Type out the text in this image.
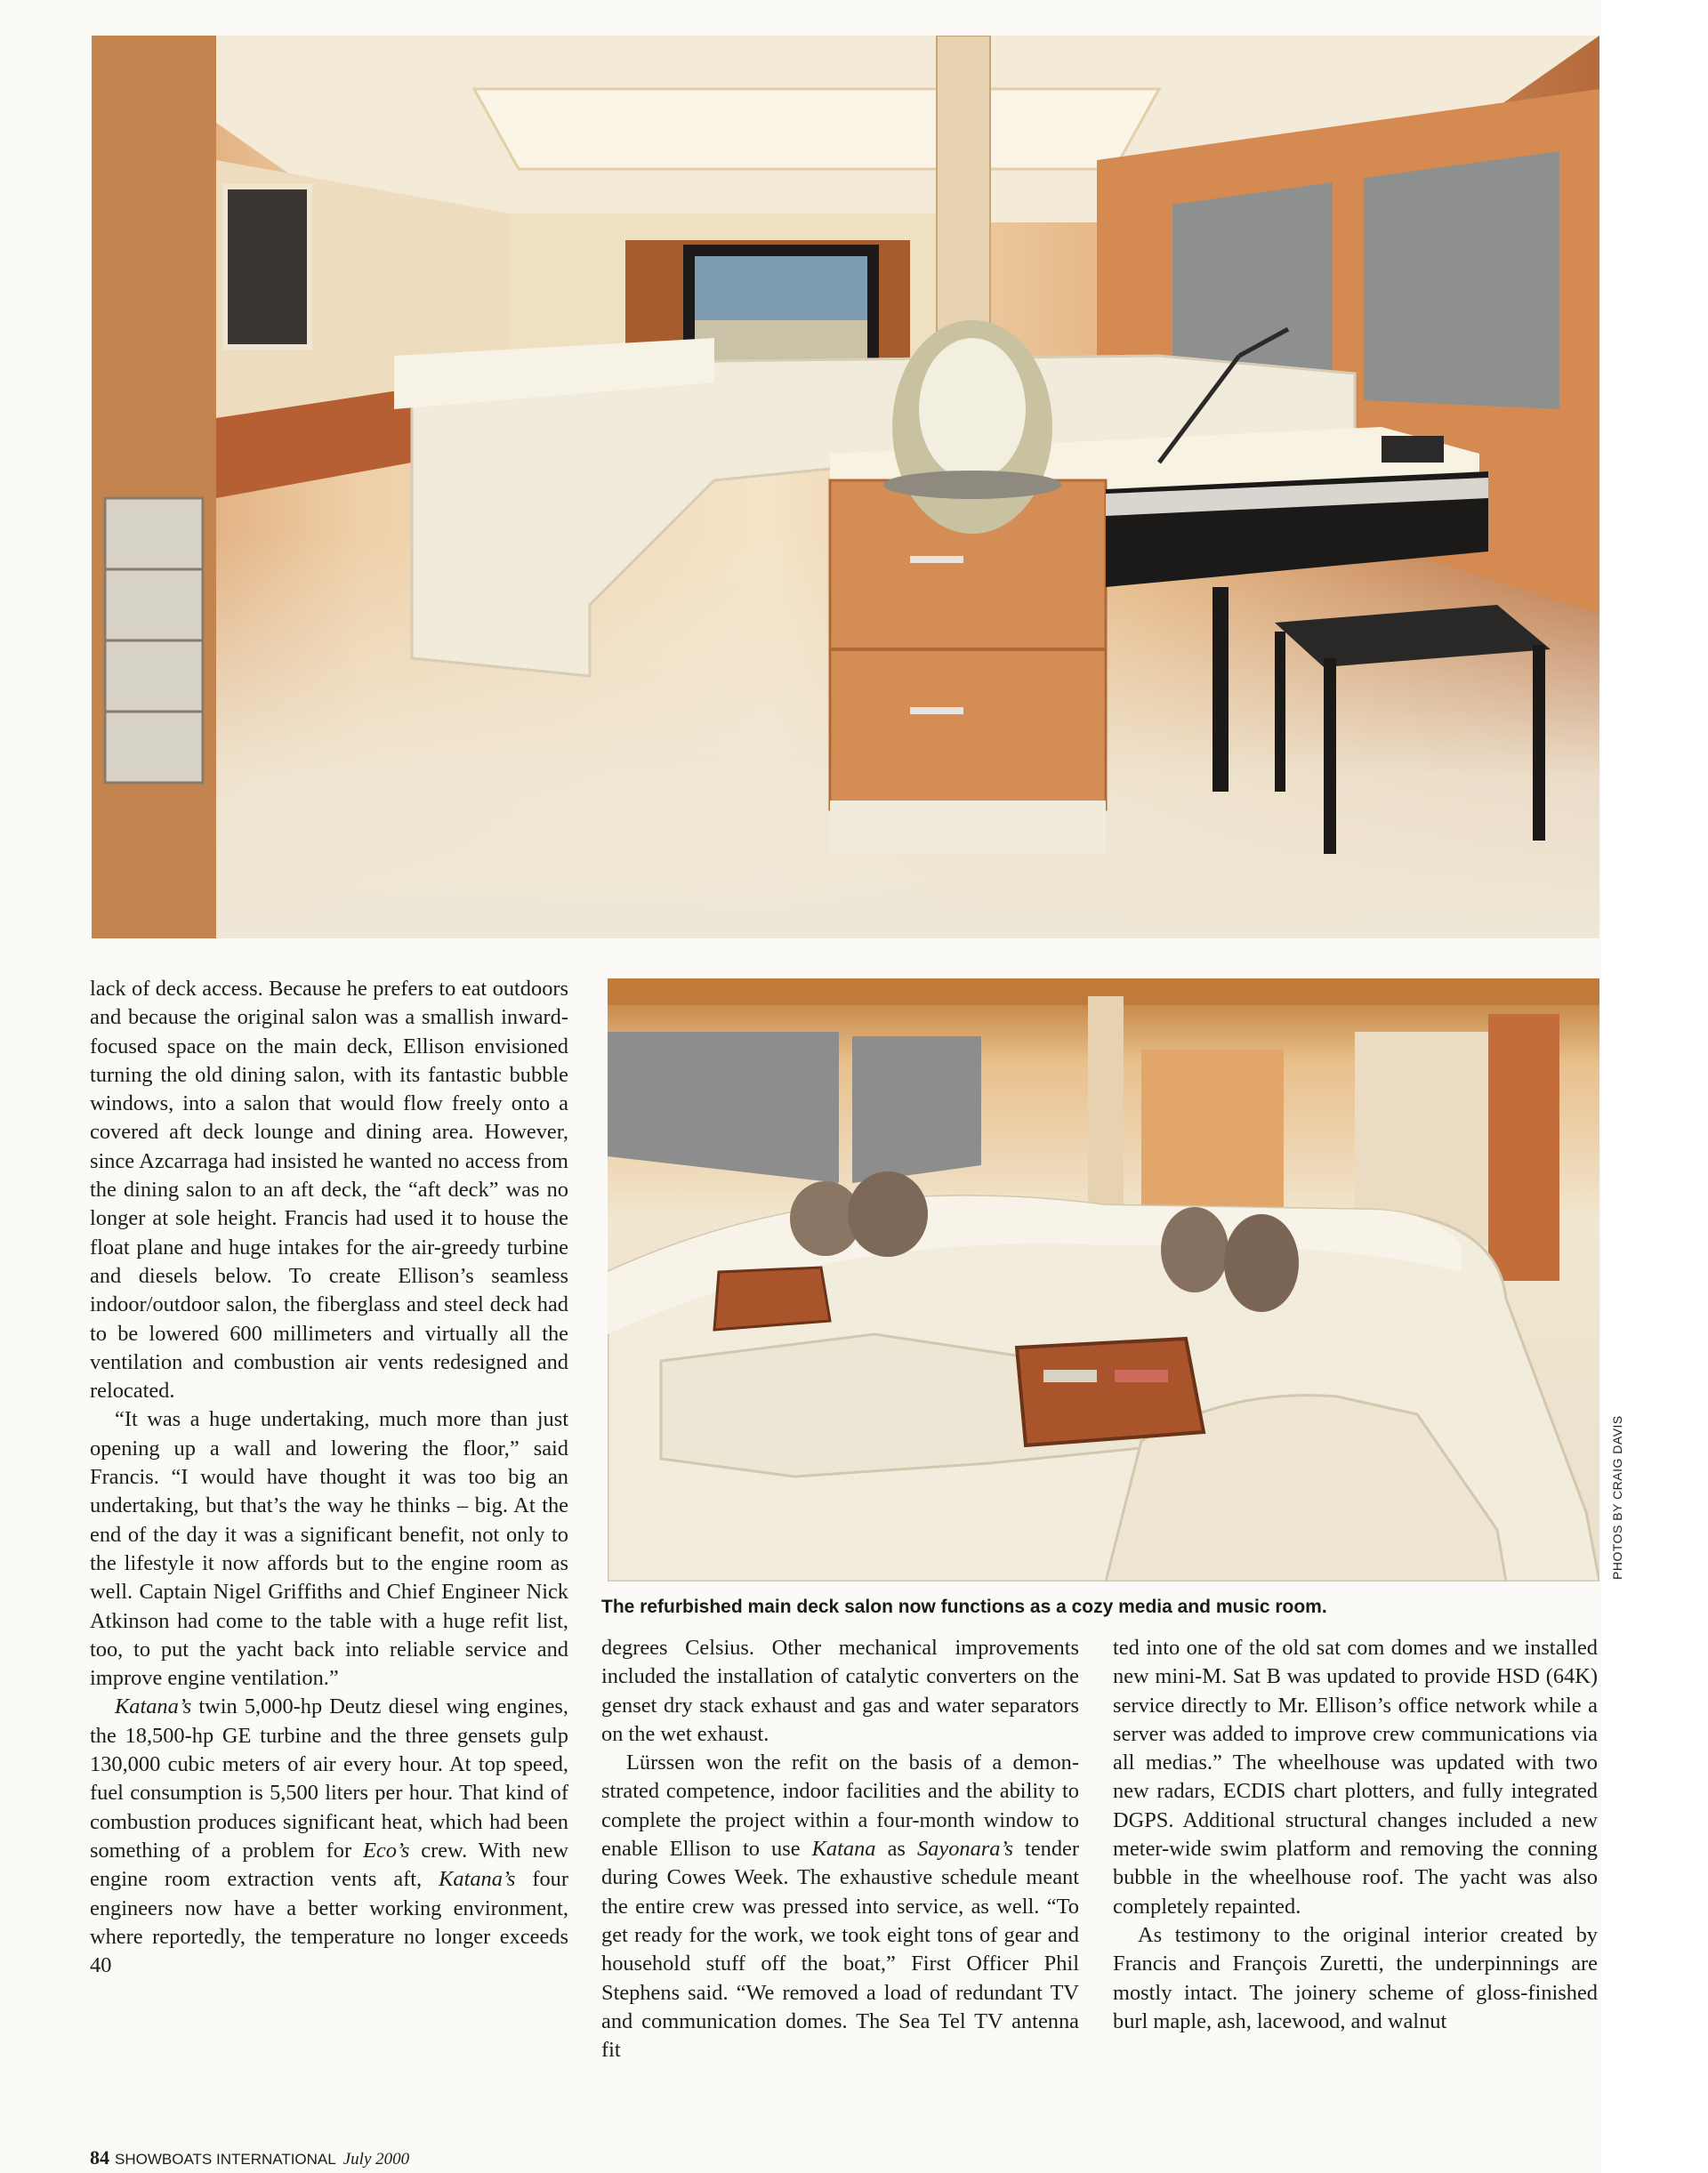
The refurbished main deck salon now functions as a cozy media and music room.
PHOTOS BY CRAIG DAVIS

lack of deck access. Because he prefers to eat outdoors and because the original salon was a smallish inward-focused space on the main deck, Ellison envisioned turning the old dining salon, with its fantastic bubble windows, into a salon that would flow freely onto a covered aft deck lounge and dining area. However, since Azcarraga had insisted he wanted no access from the dining salon to an aft deck, the “aft deck” was no longer at sole height. Francis had used it to house the float plane and huge intakes for the air-greedy turbine and diesels below. To create Ellison’s seamless indoor/outdoor salon, the fiberglass and steel deck had to be lowered 600 millimeters and virtually all the ventilation and combustion air vents redesigned and relocated.

“It was a huge undertaking, much more than just opening up a wall and lowering the floor,” said Francis. “I would have thought it was too big an undertaking, but that’s the way he thinks – big. At the end of the day it was a significant benefit, not only to the lifestyle it now affords but to the engine room as well. Captain Nigel Griffiths and Chief Engineer Nick Atkinson had come to the table with a huge refit list, too, to put the yacht back into reliable service and improve engine ventilation.”

Katana’s twin 5,000-hp Deutz diesel wing engines, the 18,500-hp GE turbine and the three gensets gulp 130,000 cubic meters of air every hour. At top speed, fuel consumption is 5,500 liters per hour. That kind of combustion produces significant heat, which had been something of a problem for Eco’s crew. With new engine room extraction vents aft, Katana’s four engineers now have a better working environment, where reportedly, the temperature no longer exceeds 40

degrees Celsius. Other mechanical improvements included the installation of catalytic converters on the genset dry stack exhaust and gas and water separators on the wet exhaust.

Lürssen won the refit on the basis of a demonstrated competence, indoor facilities and the ability to complete the project within a four-month window to enable Ellison to use Katana as Sayonara’s tender during Cowes Week. The exhaustive schedule meant the entire crew was pressed into service, as well. “To get ready for the work, we took eight tons of gear and household stuff off the boat,” First Officer Phil Stephens said. “We removed a load of redundant TV and communication domes. The Sea Tel TV antenna fit

ted into one of the old sat com domes and we installed new mini-M. Sat B was updated to provide HSD (64K) service directly to Mr. Ellison’s office network while a server was added to improve crew communications via all medias.” The wheelhouse was updated with two new radars, ECDIS chart plotters, and fully integrated DGPS. Additional structural changes included a new meter-wide swim platform and removing the conning bubble in the wheelhouse roof. The yacht was also completely repainted.

As testimony to the original interior created by Francis and François Zuretti, the underpinnings are mostly intact. The joinery scheme of gloss-finished burl maple, ash, lacewood, and walnut

84 SHOWBOATS INTERNATIONAL July 2000
